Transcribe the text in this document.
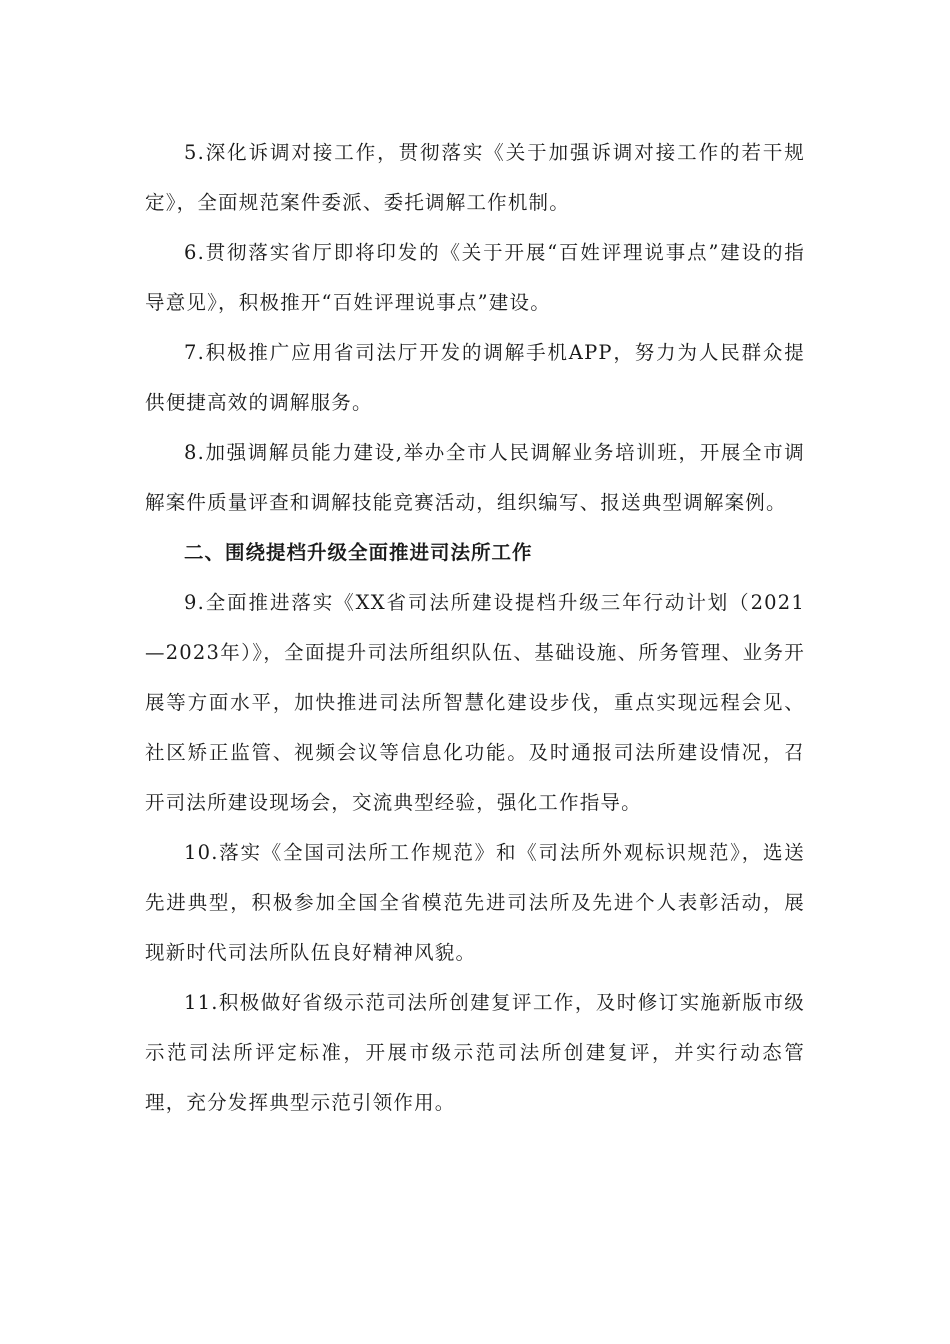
5.深化诉调对接工作，贯彻落实《关于加强诉调对接工作的若干规定》，全面规范案件委派、委托调解工作机制。

6.贯彻落实省厅即将印发的《关于开展“百姓评理说事点”建设的指导意见》，积极推开“百姓评理说事点”建设。

7.积极推广应用省司法厅开发的调解手机APP，努力为人民群众提供便捷高效的调解服务。

8.加强调解员能力建设,举办全市人民调解业务培训班，开展全市调解案件质量评查和调解技能竞赛活动，组织编写、报送典型调解案例。

二、围绕提档升级全面推进司法所工作

9.全面推进落实《XX省司法所建设提档升级三年行动计划（2021—2023年）》，全面提升司法所组织队伍、基础设施、所务管理、业务开展等方面水平，加快推进司法所智慧化建设步伐，重点实现远程会见、社区矫正监管、视频会议等信息化功能。及时通报司法所建设情况，召开司法所建设现场会，交流典型经验，强化工作指导。

10.落实《全国司法所工作规范》和《司法所外观标识规范》，选送先进典型，积极参加全国全省模范先进司法所及先进个人表彰活动，展现新时代司法所队伍良好精神风貌。

11.积极做好省级示范司法所创建复评工作，及时修订实施新版市级示范司法所评定标准，开展市级示范司法所创建复评，并实行动态管理，充分发挥典型示范引领作用。
